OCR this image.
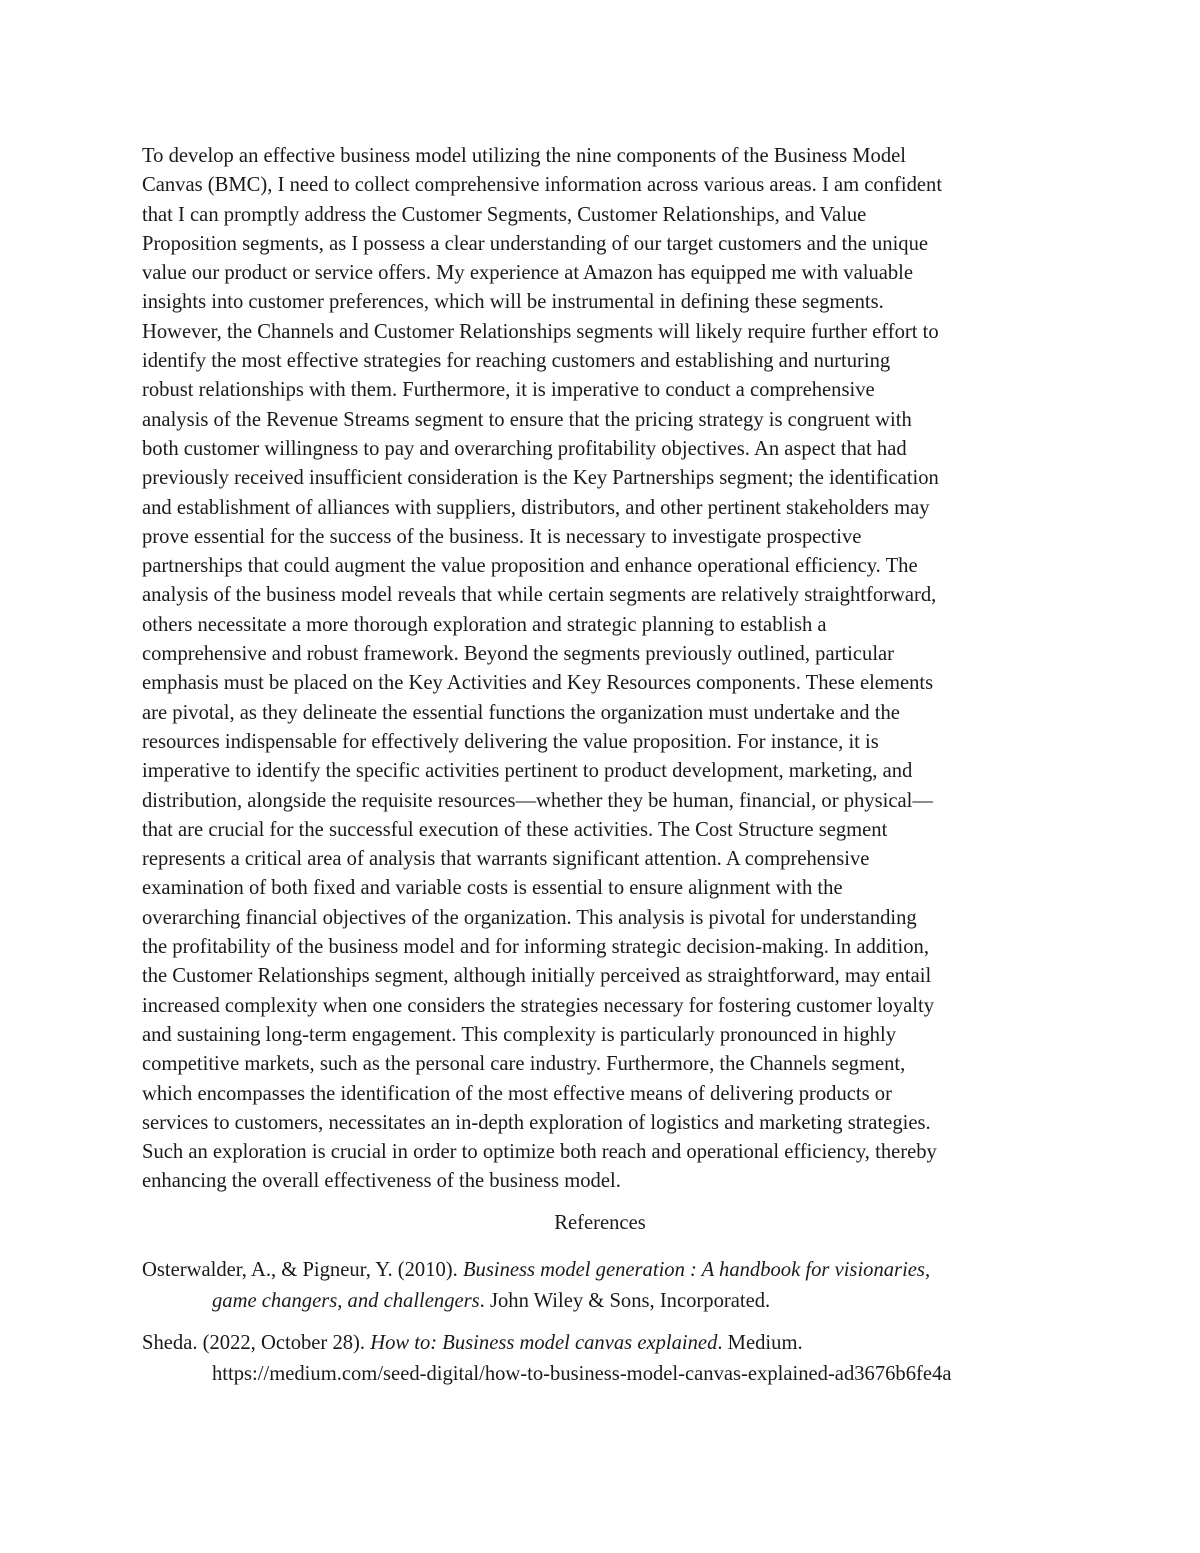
To develop an effective business model utilizing the nine components of the Business Model
Canvas (BMC), I need to collect comprehensive information across various areas. I am confident
that I can promptly address the Customer Segments, Customer Relationships, and Value
Proposition segments, as I possess a clear understanding of our target customers and the unique
value our product or service offers. My experience at Amazon has equipped me with valuable
insights into customer preferences, which will be instrumental in defining these segments.
However, the Channels and Customer Relationships segments will likely require further effort to
identify the most effective strategies for reaching customers and establishing and nurturing
robust relationships with them. Furthermore, it is imperative to conduct a comprehensive
analysis of the Revenue Streams segment to ensure that the pricing strategy is congruent with
both customer willingness to pay and overarching profitability objectives. An aspect that had
previously received insufficient consideration is the Key Partnerships segment; the identification
and establishment of alliances with suppliers, distributors, and other pertinent stakeholders may
prove essential for the success of the business. It is necessary to investigate prospective
partnerships that could augment the value proposition and enhance operational efficiency. The
analysis of the business model reveals that while certain segments are relatively straightforward,
others necessitate a more thorough exploration and strategic planning to establish a
comprehensive and robust framework. Beyond the segments previously outlined, particular
emphasis must be placed on the Key Activities and Key Resources components. These elements
are pivotal, as they delineate the essential functions the organization must undertake and the
resources indispensable for effectively delivering the value proposition. For instance, it is
imperative to identify the specific activities pertinent to product development, marketing, and
distribution, alongside the requisite resources—whether they be human, financial, or physical—
that are crucial for the successful execution of these activities. The Cost Structure segment
represents a critical area of analysis that warrants significant attention. A comprehensive
examination of both fixed and variable costs is essential to ensure alignment with the
overarching financial objectives of the organization. This analysis is pivotal for understanding
the profitability of the business model and for informing strategic decision-making. In addition,
the Customer Relationships segment, although initially perceived as straightforward, may entail
increased complexity when one considers the strategies necessary for fostering customer loyalty
and sustaining long-term engagement. This complexity is particularly pronounced in highly
competitive markets, such as the personal care industry. Furthermore, the Channels segment,
which encompasses the identification of the most effective means of delivering products or
services to customers, necessitates an in-depth exploration of logistics and marketing strategies.
Such an exploration is crucial in order to optimize both reach and operational efficiency, thereby
enhancing the overall effectiveness of the business model.
References
Osterwalder, A., & Pigneur, Y. (2010). Business model generation : A handbook for visionaries,
game changers, and challengers. John Wiley & Sons, Incorporated.
Sheda. (2022, October 28). How to: Business model canvas explained. Medium.
https://medium.com/seed-digital/how-to-business-model-canvas-explained-ad3676b6fe4a
